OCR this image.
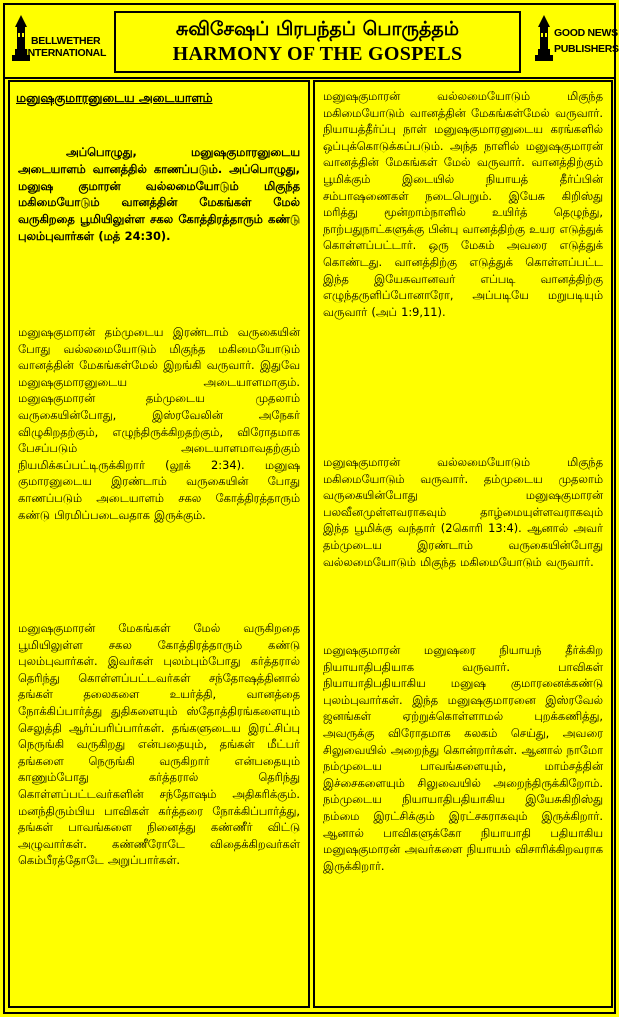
BELLWETHER
INTERNATIONAL
சுவிசேஷப் பிரபந்தப் பொருத்தம்
HARMONY OF THE GOSPELS
GOOD NEWS
PUBLISHERS
மனுஷகுமாரனுடைய அடையாளம்
அப்பொழுது, மனுஷகுமாரனுடைய அடையாளம் வானத்தில் காணப்படும். அப்பொழுது, மனுஷ குமாரன் வல்லமையோடும் மிகுந்த மகிமையோடும் வானத்தின் மேகங்கள் மேல் வருகிறதை பூமியிலுள்ள சகல கோத்திரத்தாரும் கண்டு புலம்புவார்கள் (மத் 24:30).
மனுஷகுமாரன் தம்முடைய இரண்டாம் வருகையின் போது வல்லமையோடும் மிகுந்த மகிமையோடும் வானத்தின் மேகங்கள்மேல் இறங்கி வருவார். இதுவே மனுஷகுமாரனுடைய அடையாளமாகும். மனுஷகுமாரன் தம்முடைய முதலாம் வருகையின்போது, இஸ்ரவேலின் அநேகர் விழுகிறதற்கும், எழுந்திருக்கிறதற்கும், விரோதமாக பேசப்படும் அடையாளமாவதற்கும் நியமிக்கப்பட்டிருக்கிறார் (லூக் 2:34). மனுஷ குமாரனுடைய இரண்டாம் வருகையின் போது காணப்படும் அடையாளம் சகல கோத்திரத்தாரும் கண்டு பிரமிப்படைவதாக இருக்கும்.
மனுஷகுமாரன் மேகங்கள் மேல் வருகிறதை பூமியிலுள்ள சகல கோத்திரத்தாரும் கண்டு புலம்புவார்கள். இவர்கள் புலம்பும்போது கர்த்தரால் தெரிந்து கொள்ளப்பட்டவர்கள் சந்தோஷத்தினால் தங்கள் தலைகளை உயர்த்தி, வானத்தை நோக்கிப்பார்த்து துதிகளையும் ஸ்தோத்திரங்களையும் செலுத்தி ஆர்ப்பரிப்பார்கள். தங்களுடைய இரட்சிப்பு நெருங்கி வருகிறது என்பதையும், தங்கள் மீட்பர் தங்களை நெருங்கி வருகிறார் என்பதையும் காணும்போது கர்த்தரால் தெரிந்து கொள்ளப்பட்டவர்களின் சந்தோஷம் அதிகரிக்கும். மனந்திரும்பிய பாவிகள் கர்த்தரை நோக்கிப்பார்த்து, தங்கள் பாவங்களை நினைத்து கண்ணீர் விட்டு அழுவார்கள். கண்ணீரோடே விதைக்கிறவர்கள் கெம்பீரத்தோடே அறுப்பார்கள்.
மனுஷகுமாரன் வல்லமையோடும் மிகுந்த மகிமையோடும் வானத்தின் மேகங்கள்மேல் வருவார். நியாயத்தீர்ப்பு நாள் மனுஷகுமாரனுடைய கரங்களில் ஒப்புக்கொடுக்கப்படும். அந்த நாளில் மனுஷகுமாரன் வானத்தின் மேகங்கள் மேல் வருவார். வானத்திற்கும் பூமிக்கும் இடையில் நியாயத் தீர்ப்பின் சம்பாஷணைகள் நடைபெறும். இயேசு கிறிஸ்து மரித்து மூன்றாம்நாளில் உயிர்த் தெழுந்து, நாற்பதுநாட்களுக்கு பின்பு வானத்திற்கு உயர எடுத்துக் கொள்ளப்பட்டார். ஒரு மேகம் அவரை எடுத்துக் கொண்டது. வானத்திற்கு எடுத்துக் கொள்ளப்பட்ட இந்த இயேசுவானவர் எப்படி வானத்திற்கு எழுந்தருளிப்போனாரோ, அப்படியே மறுபடியும் வருவார் (அப் 1:9,11).
மனுஷகுமாரன் வல்லமையோடும் மிகுந்த மகிமையோடும் வருவார். தம்முடைய முதலாம் வருகையின்போது மனுஷகுமாரன் பலவீனமுள்ளவராகவும் தாழ்மையுள்ளவராகவும் இந்த பூமிக்கு வந்தார் (2கொரி 13:4). ஆனால் அவர் தம்முடைய இரண்டாம் வருகையின்போது வல்லமையோடும் மிகுந்த மகிமையோடும் வருவார்.
மனுஷகுமாரன் மனுஷரை நியாயந் தீர்க்கிற நியாயாதிபதியாக வருவார். பாவிகள் நியாயாதிபதியாகிய மனுஷ குமாரனைக்கண்டு புலம்புவார்கள். இந்த மனுஷகுமாரனை இஸ்ரவேல் ஜனங்கள் ஏற்றுக்கொள்ளாமல் புறக்கணித்து, அவருக்கு விரோதமாக கலகம் செய்து, அவரை சிலுவையில் அறைந்து கொன்றார்கள். ஆனால் நாமோ நம்முடைய பாவங்களையும், மாம்சத்தின் இச்சைகளையும் சிலுவையில் அறைந்திருக்கிறோம். நம்முடைய நியாயாதிபதியாகிய இயேசுகிறிஸ்து நம்மை இரட்சிக்கும் இரட்சகராகவும் இருக்கிறார். ஆனால் பாவிகளுக்கோ நியாயாதி பதியாகிய மனுஷகுமாரன் அவர்களை நியாயம் விசாரிக்கிறவராக இருக்கிறார்.
